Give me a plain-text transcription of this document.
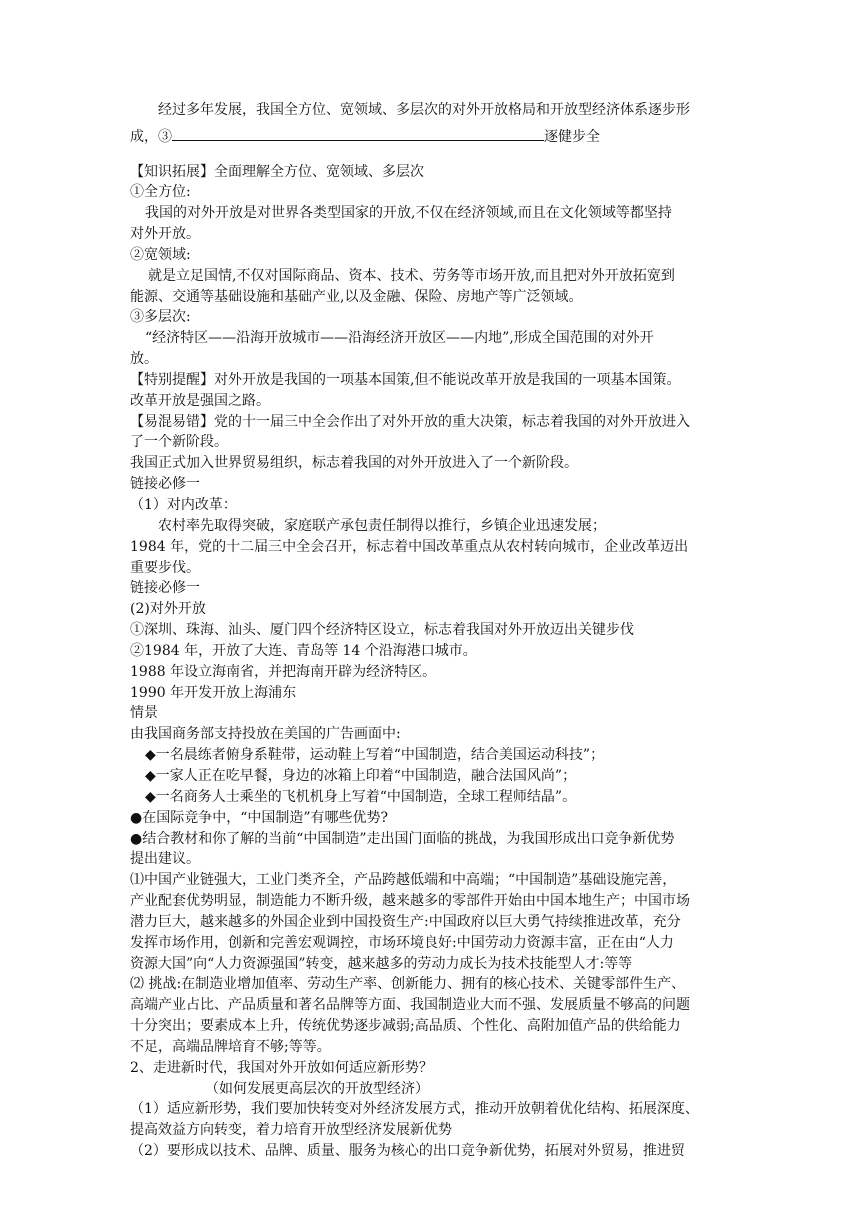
经过多年发展，我国全方位、宽领域、多层次的对外开放格局和开放型经济体系逐步形
成，③	逐健步全
【知识拓展】全面理解全方位、宽领域、多层次
①全方位:
我国的对外开放是对世界各类型国家的开放,不仅在经济领域,而且在文化领域等都坚持
对外开放。
②宽领域:
就是立足国情,不仅对国际商品、资本、技术、劳务等市场开放,而且把对外开放拓宽到
能源、交通等基础设施和基础产业,以及金融、保险、房地产等广泛领域。
③多层次:
“经济特区——沿海开放城市——沿海经济开放区——内地”,形成全国范围的对外开
放。
【特别提醒】对外开放是我国的一项基本国策,但不能说改革开放是我国的一项基本国策。
改革开放是强国之路。
【易混易错】党的十一届三中全会作出了对外开放的重大决策，标志着我国的对外开放进入
了一个新阶段。
我国正式加入世界贸易组织，标志着我国的对外开放进入了一个新阶段。
链接必修一
（1）对内改革：
农村率先取得突破，家庭联产承包责任制得以推行，乡镇企业迅速发展；
1984 年，党的十二届三中全会召开，标志着中国改革重点从农村转向城市，企业改革迈出
重要步伐。
链接必修一
(2)对外开放
①深圳、珠海、汕头、厦门四个经济特区设立，标志着我国对外开放迈出关键步伐
②1984 年，开放了大连、青岛等 14 个沿海港口城市。
1988 年设立海南省，并把海南开辟为经济特区。
1990 年开发开放上海浦东
情景
由我国商务部支持投放在美国的广告画面中:
◆一名晨练者俯身系鞋带，运动鞋上写着“中国制造，结合美国运动科技”；
◆一家人正在吃早餐，身边的冰箱上印着“中国制造，融合法国风尚”；
◆一名商务人士乘坐的飞机机身上写着“中国制造，全球工程师结晶”。
●在国际竞争中，“中国制造”有哪些优势?
●结合教材和你了解的当前“中国制造”走出国门面临的挑战，为我国形成出口竞争新优势
提出建议。
⑴中国产业链强大，工业门类齐全，产品跨越低端和中高端；“中国制造”基础设施完善，
产业配套优势明显，制造能力不断升级，越来越多的零部件开始由中国本地生产；中国市场
潜力巨大，越来越多的外国企业到中国投资生产:中国政府以巨大勇气持续推进改革，充分
发挥市场作用，创新和完善宏观调控，市场环境良好:中国劳动力资源丰富，正在由“人力
资源大国”向“人力资源强国”转变，越来越多的劳动力成长为技术技能型人才:等等
⑵ 挑战:在制造业增加值率、劳动生产率、创新能力、拥有的核心技术、关键零部件生产、
高端产业占比、产品质量和著名品牌等方面、我国制造业大而不强、发展质量不够高的问题
十分突出；要素成本上升，传统优势逐步减弱;高品质、个性化、高附加值产品的供给能力
不足，高端品牌培育不够;等等。
2、走进新时代，我国对外开放如何适应新形势？
（如何发展更高层次的开放型经济）
（1）适应新形势，我们要加快转变对外经济发展方式，推动开放朝着优化结构、拓展深度、
提高效益方向转变，着力培育开放型经济发展新优势
（2）要形成以技术、品牌、质量、服务为核心的出口竞争新优势，拓展对外贸易，推进贸
